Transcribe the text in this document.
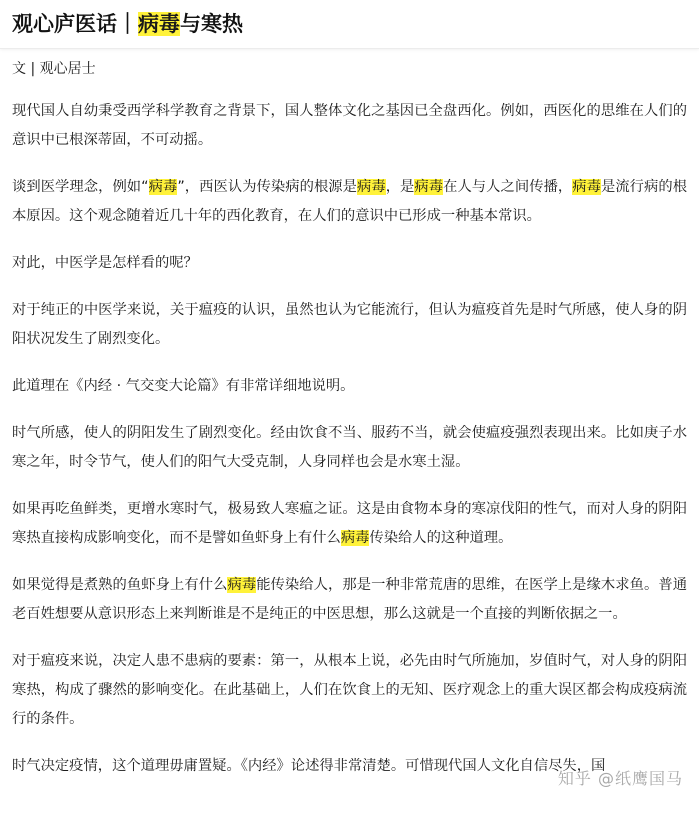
观心庐医话｜病毒与寒热

文 | 观心居士

现代国人自幼秉受西学科学教育之背景下，国人整体文化之基因已全盘西化。例如，西医化的思维在人们的意识中已根深蒂固，不可动摇。

谈到医学理念，例如“病毒”，西医认为传染病的根源是病毒，是病毒在人与人之间传播，病毒是流行病的根本原因。这个观念随着近几十年的西化教育，在人们的意识中已形成一种基本常识。

对此，中医学是怎样看的呢？

对于纯正的中医学来说，关于瘟疫的认识，虽然也认为它能流行，但认为瘟疫首先是时气所感，使人身的阴阳状况发生了剧烈变化。

此道理在《内经 · 气交变大论篇》有非常详细地说明。

时气所感，使人的阴阳发生了剧烈变化。经由饮食不当、服药不当，就会使瘟疫强烈表现出来。比如庚子水寒之年，时令节气，使人们的阳气大受克制，人身同样也会是水寒土湿。

如果再吃鱼鲜类，更增水寒时气，极易致人寒瘟之证。这是由食物本身的寒凉伐阳的性气，而对人身的阴阳寒热直接构成影响变化，而不是譬如鱼虾身上有什么病毒传染给人的这种道理。

如果觉得是煮熟的鱼虾身上有什么病毒能传染给人，那是一种非常荒唐的思维，在医学上是缘木求鱼。普通老百姓想要从意识形态上来判断谁是不是纯正的中医思想，那么这就是一个直接的判断依据之一。

对于瘟疫来说，决定人患不患病的要素：第一，从根本上说，必先由时气所施加，岁值时气，对人身的阴阳寒热，构成了骤然的影响变化。在此基础上，人们在饮食上的无知、医疗观念上的重大误区都会构成疫病流行的条件。

时气决定疫情，这个道理毋庸置疑。《内经》论述得非常清楚。可惜现代国人文化自信尽失，国

知乎 @纸鹰国马
